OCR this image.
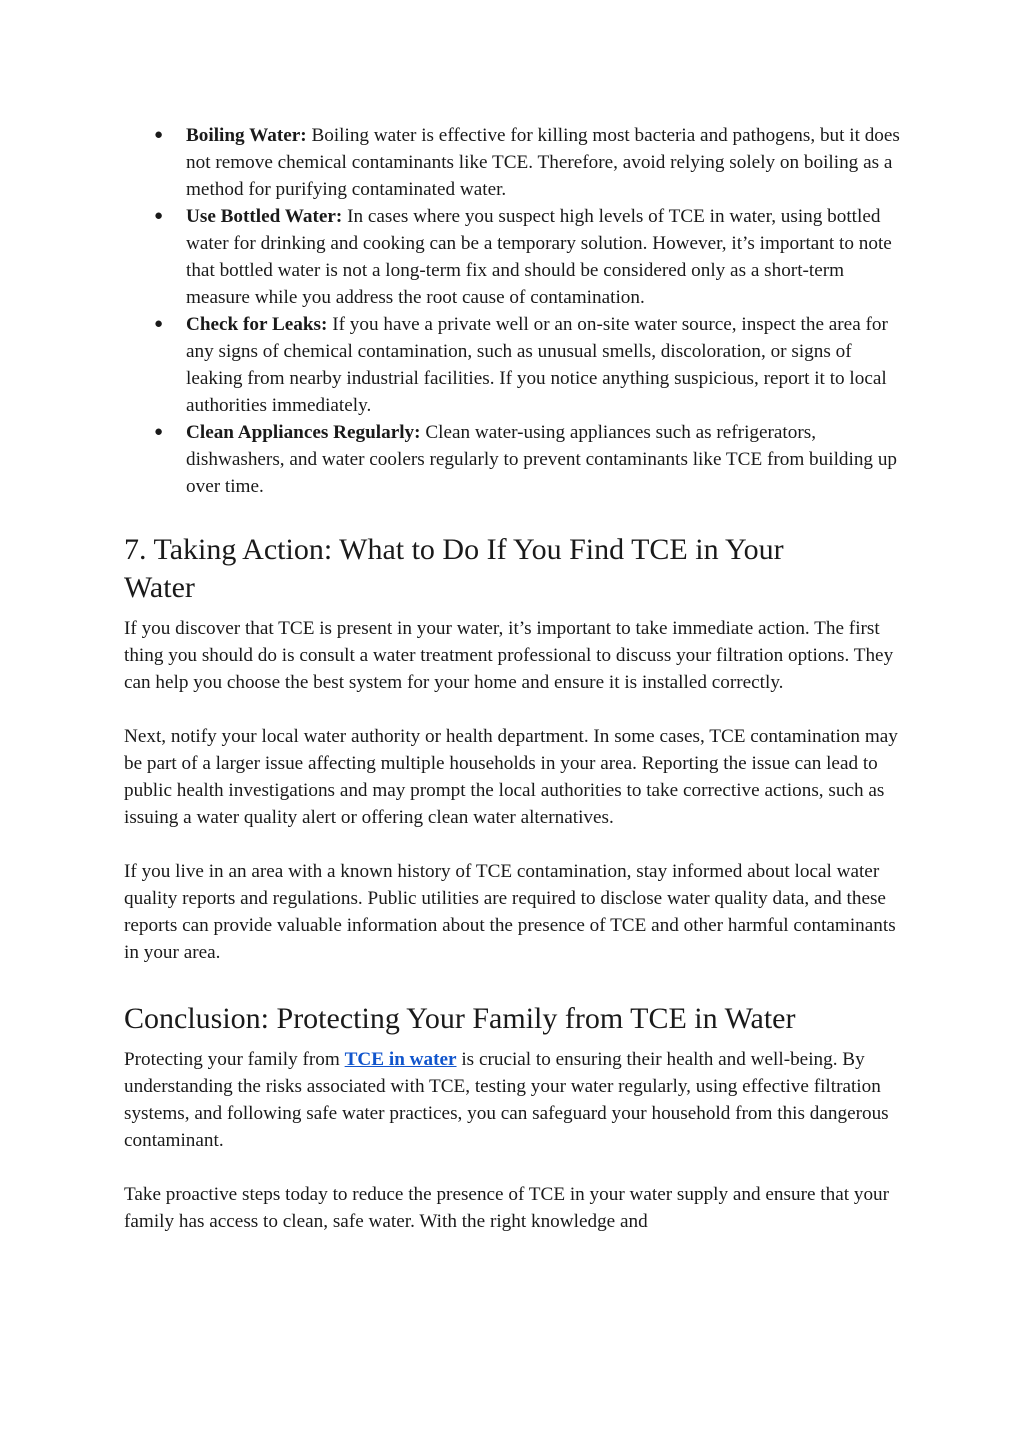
● Boiling Water: Boiling water is effective for killing most bacteria and pathogens, but it does not remove chemical contaminants like TCE. Therefore, avoid relying solely on boiling as a method for purifying contaminated water.
● Use Bottled Water: In cases where you suspect high levels of TCE in water, using bottled water for drinking and cooking can be a temporary solution. However, it’s important to note that bottled water is not a long-term fix and should be considered only as a short-term measure while you address the root cause of contamination.
● Check for Leaks: If you have a private well or an on-site water source, inspect the area for any signs of chemical contamination, such as unusual smells, discoloration, or signs of leaking from nearby industrial facilities. If you notice anything suspicious, report it to local authorities immediately.
● Clean Appliances Regularly: Clean water-using appliances such as refrigerators, dishwashers, and water coolers regularly to prevent contaminants like TCE from building up over time.
7. Taking Action: What to Do If You Find TCE in Your Water

If you discover that TCE is present in your water, it’s important to take immediate action. The first thing you should do is consult a water treatment professional to discuss your filtration options. They can help you choose the best system for your home and ensure it is installed correctly.

Next, notify your local water authority or health department. In some cases, TCE contamination may be part of a larger issue affecting multiple households in your area. Reporting the issue can lead to public health investigations and may prompt the local authorities to take corrective actions, such as issuing a water quality alert or offering clean water alternatives.

If you live in an area with a known history of TCE contamination, stay informed about local water quality reports and regulations. Public utilities are required to disclose water quality data, and these reports can provide valuable information about the presence of TCE and other harmful contaminants in your area.

Conclusion: Protecting Your Family from TCE in Water

Protecting your family from TCE in water is crucial to ensuring their health and well-being. By understanding the risks associated with TCE, testing your water regularly, using effective filtration systems, and following safe water practices, you can safeguard your household from this dangerous contaminant.

Take proactive steps today to reduce the presence of TCE in your water supply and ensure that your family has access to clean, safe water. With the right knowledge and
